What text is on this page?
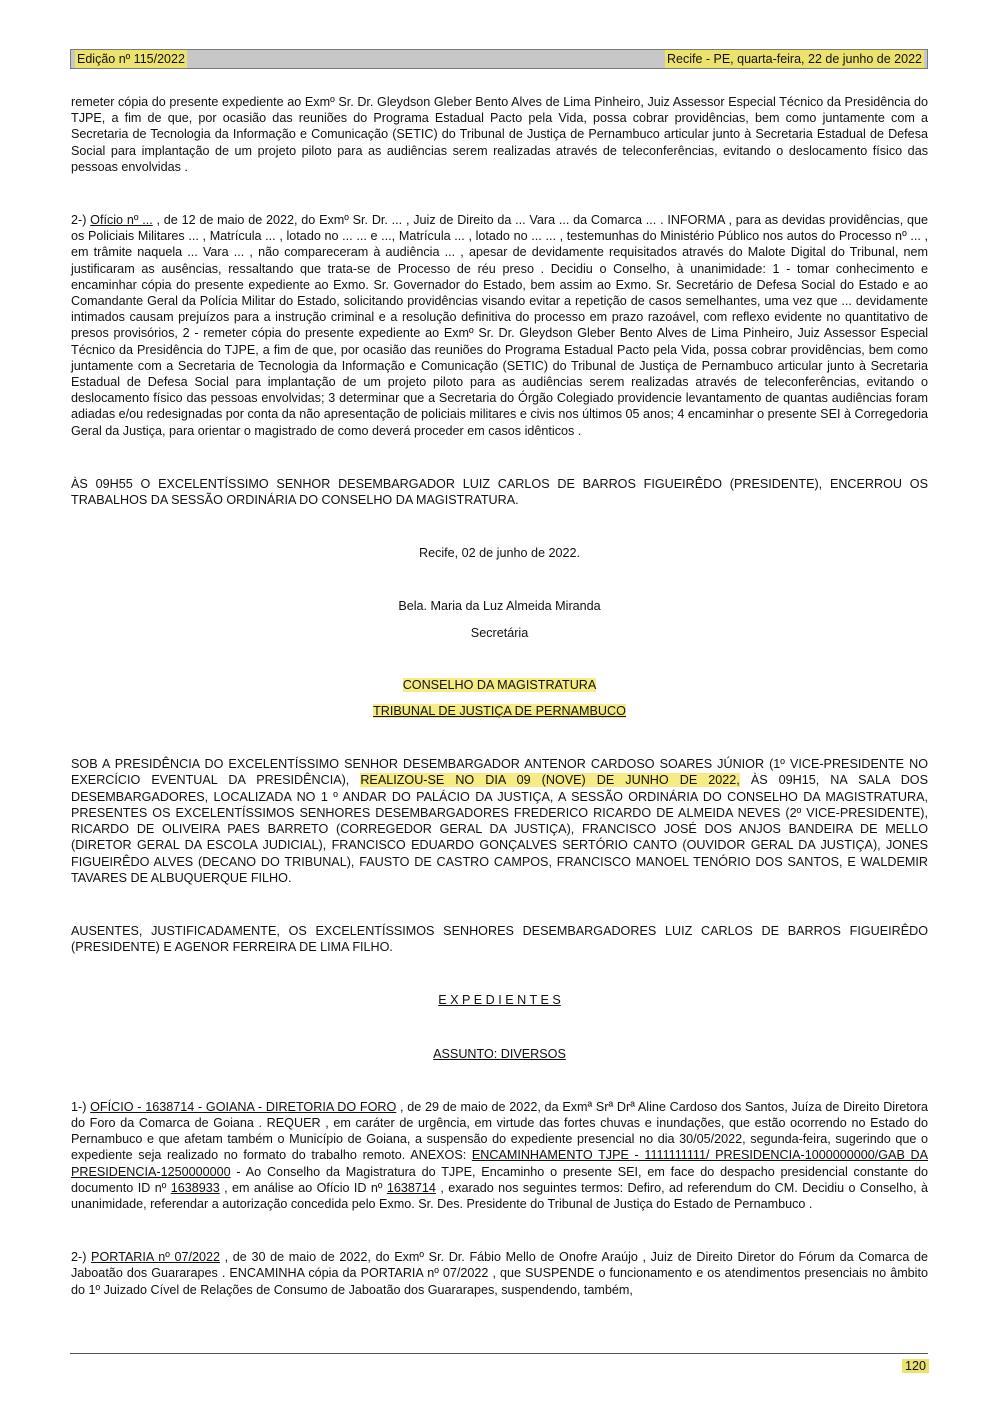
Edição nº 115/2022	Recife - PE, quarta-feira, 22 de junho de 2022

remeter cópia do presente expediente ao Exmº Sr. Dr. Gleydson Gleber Bento Alves de Lima Pinheiro, Juiz Assessor Especial Técnico da Presidência do TJPE, a fim de que, por ocasião das reuniões do Programa Estadual Pacto pela Vida, possa cobrar providências, bem como juntamente com a Secretaria de Tecnologia da Informação e Comunicação (SETIC) do Tribunal de Justiça de Pernambuco articular junto à Secretaria Estadual de Defesa Social para implantação de um projeto piloto para as audiências serem realizadas através de teleconferências, evitando o deslocamento físico das pessoas envolvidas .

2-) Ofício nº ... , de 12 de maio de 2022, do Exmº Sr. Dr. ... , Juiz de Direito da ... Vara ... da Comarca ... . INFORMA , para as devidas providências, que os Policiais Militares ... , Matrícula ... , lotado no ... ... e ..., Matrícula ... , lotado no ... ... , testemunhas do Ministério Público nos autos do Processo nº ... , em trâmite naquela ... Vara ... , não compareceram à audiência ... , apesar de devidamente requisitados através do Malote Digital do Tribunal, nem justificaram as ausências, ressaltando que trata-se de Processo de réu preso . Decidiu o Conselho, à unanimidade: 1 - tomar conhecimento e encaminhar cópia do presente expediente ao Exmo. Sr. Governador do Estado, bem assim ao Exmo. Sr. Secretário de Defesa Social do Estado e ao Comandante Geral da Polícia Militar do Estado, solicitando providências visando evitar a repetição de casos semelhantes, uma vez que ... devidamente intimados causam prejuízos para a instrução criminal e a resolução definitiva do processo em prazo razoável, com reflexo evidente no quantitativo de presos provisórios, 2 - remeter cópia do presente expediente ao Exmº Sr. Dr. Gleydson Gleber Bento Alves de Lima Pinheiro, Juiz Assessor Especial Técnico da Presidência do TJPE, a fim de que, por ocasião das reuniões do Programa Estadual Pacto pela Vida, possa cobrar providências, bem como juntamente com a Secretaria de Tecnologia da Informação e Comunicação (SETIC) do Tribunal de Justiça de Pernambuco articular junto à Secretaria Estadual de Defesa Social para implantação de um projeto piloto para as audiências serem realizadas através de teleconferências, evitando o deslocamento físico das pessoas envolvidas; 3 determinar que a Secretaria do Órgão Colegiado providencie levantamento de quantas audiências foram adiadas e/ou redesignadas por conta da não apresentação de policiais militares e civis nos últimos 05 anos; 4 encaminhar o presente SEI à Corregedoria Geral da Justiça, para orientar o magistrado de como deverá proceder em casos idênticos .

ÀS 09H55 O EXCELENTÍSSIMO SENHOR DESEMBARGADOR LUIZ CARLOS DE BARROS FIGUEIRÊDO (PRESIDENTE), ENCERROU OS TRABALHOS DA SESSÃO ORDINÁRIA DO CONSELHO DA MAGISTRATURA.

Recife, 02 de junho de 2022.

Bela. Maria da Luz Almeida Miranda

Secretária

CONSELHO DA MAGISTRATURA

TRIBUNAL DE JUSTIÇA DE PERNAMBUCO

SOB A PRESIDÊNCIA DO EXCELENTÍSSIMO SENHOR DESEMBARGADOR ANTENOR CARDOSO SOARES JÚNIOR (1º VICE-PRESIDENTE NO EXERCÍCIO EVENTUAL DA PRESIDÊNCIA), REALIZOU-SE NO DIA 09 (NOVE) DE JUNHO DE 2022, ÀS 09H15, NA SALA DOS DESEMBARGADORES, LOCALIZADA NO 1 º ANDAR DO PALÁCIO DA JUSTIÇA, A SESSÃO ORDINÁRIA DO CONSELHO DA MAGISTRATURA, PRESENTES OS EXCELENTÍSSIMOS SENHORES DESEMBARGADORES FREDERICO RICARDO DE ALMEIDA NEVES (2º VICE-PRESIDENTE), RICARDO DE OLIVEIRA PAES BARRETO (CORREGEDOR GERAL DA JUSTIÇA), FRANCISCO JOSÉ DOS ANJOS BANDEIRA DE MELLO (DIRETOR GERAL DA ESCOLA JUDICIAL), FRANCISCO EDUARDO GONÇALVES SERTÓRIO CANTO (OUVIDOR GERAL DA JUSTIÇA), JONES FIGUEIRÊDO ALVES (DECANO DO TRIBUNAL), FAUSTO DE CASTRO CAMPOS, FRANCISCO MANOEL TENÓRIO DOS SANTOS, E WALDEMIR TAVARES DE ALBUQUERQUE FILHO.

AUSENTES, JUSTIFICADAMENTE, OS EXCELENTÍSSIMOS SENHORES DESEMBARGADORES LUIZ CARLOS DE BARROS FIGUEIRÊDO (PRESIDENTE) E AGENOR FERREIRA DE LIMA FILHO.

E X P E D I E N T E S

ASSUNTO: DIVERSOS

1-) OFÍCIO - 1638714 - GOIANA - DIRETORIA DO FORO , de 29 de maio de 2022, da Exmª Srª Drª Aline Cardoso dos Santos, Juíza de Direito Diretora do Foro da Comarca de Goiana . REQUER , em caráter de urgência, em virtude das fortes chuvas e inundações, que estão ocorrendo no Estado do Pernambuco e que afetam também o Município de Goiana, a suspensão do expediente presencial no dia 30/05/2022, segunda-feira, sugerindo que o expediente seja realizado no formato do trabalho remoto. ANEXOS: ENCAMINHAMENTO TJPE - 1111111111/ PRESIDENCIA-1000000000/GAB DA PRESIDENCIA-1250000000 - Ao Conselho da Magistratura do TJPE, Encaminho o presente SEI, em face do despacho presidencial constante do documento ID nº 1638933 , em análise ao Ofício ID nº 1638714 , exarado nos seguintes termos: Defiro, ad referendum do CM. Decidiu o Conselho, à unanimidade, referendar a autorização concedida pelo Exmo. Sr. Des. Presidente do Tribunal de Justiça do Estado de Pernambuco .

2-) PORTARIA nº 07/2022 , de 30 de maio de 2022, do Exmº Sr. Dr. Fábio Mello de Onofre Araújo , Juiz de Direito Diretor do Fórum da Comarca de Jaboatão dos Guararapes . ENCAMINHA cópia da PORTARIA nº 07/2022 , que SUSPENDE o funcionamento e os atendimentos presenciais no âmbito do 1º Juizado Cível de Relações de Consumo de Jaboatão dos Guararapes, suspendendo, também,

120
